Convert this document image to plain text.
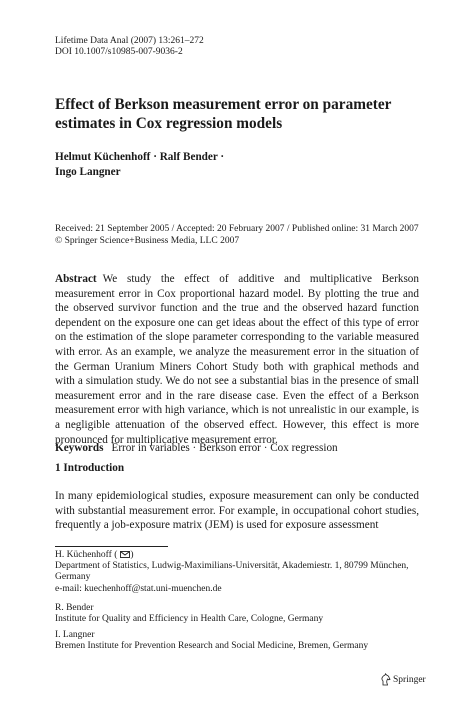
Lifetime Data Anal (2007) 13:261–272
DOI 10.1007/s10985-007-9036-2
Effect of Berkson measurement error on parameter estimates in Cox regression models
Helmut Küchenhoff · Ralf Bender ·
Ingo Langner
Received: 21 September 2005 / Accepted: 20 February 2007 / Published online: 31 March 2007
© Springer Science+Business Media, LLC 2007
Abstract We study the effect of additive and multiplicative Berkson measurement error in Cox proportional hazard model. By plotting the true and the observed survivor function and the true and the observed hazard function dependent on the exposure one can get ideas about the effect of this type of error on the estimation of the slope parameter corresponding to the variable measured with error. As an example, we analyze the measurement error in the situation of the German Uranium Miners Cohort Study both with graphical methods and with a simulation study. We do not see a substantial bias in the presence of small measurement error and in the rare disease case. Even the effect of a Berkson measurement error with high variance, which is not unrealistic in our example, is a negligible attenuation of the observed effect. However, this effect is more pronounced for multiplicative measurement error.
Keywords Error in variables · Berkson error · Cox regression
1 Introduction
In many epidemiological studies, exposure measurement can only be conducted with substantial measurement error. For example, in occupational cohort studies, frequently a job-exposure matrix (JEM) is used for exposure assessment
H. Küchenhoff ( )
Department of Statistics, Ludwig-Maximilians-Universität, Akademiestr. 1, 80799 München,
Germany
e-mail: kuechenhoff@stat.uni-muenchen.de
R. Bender
Institute for Quality and Efficiency in Health Care, Cologne, Germany
I. Langner
Bremen Institute for Prevention Research and Social Medicine, Bremen, Germany
Springer
